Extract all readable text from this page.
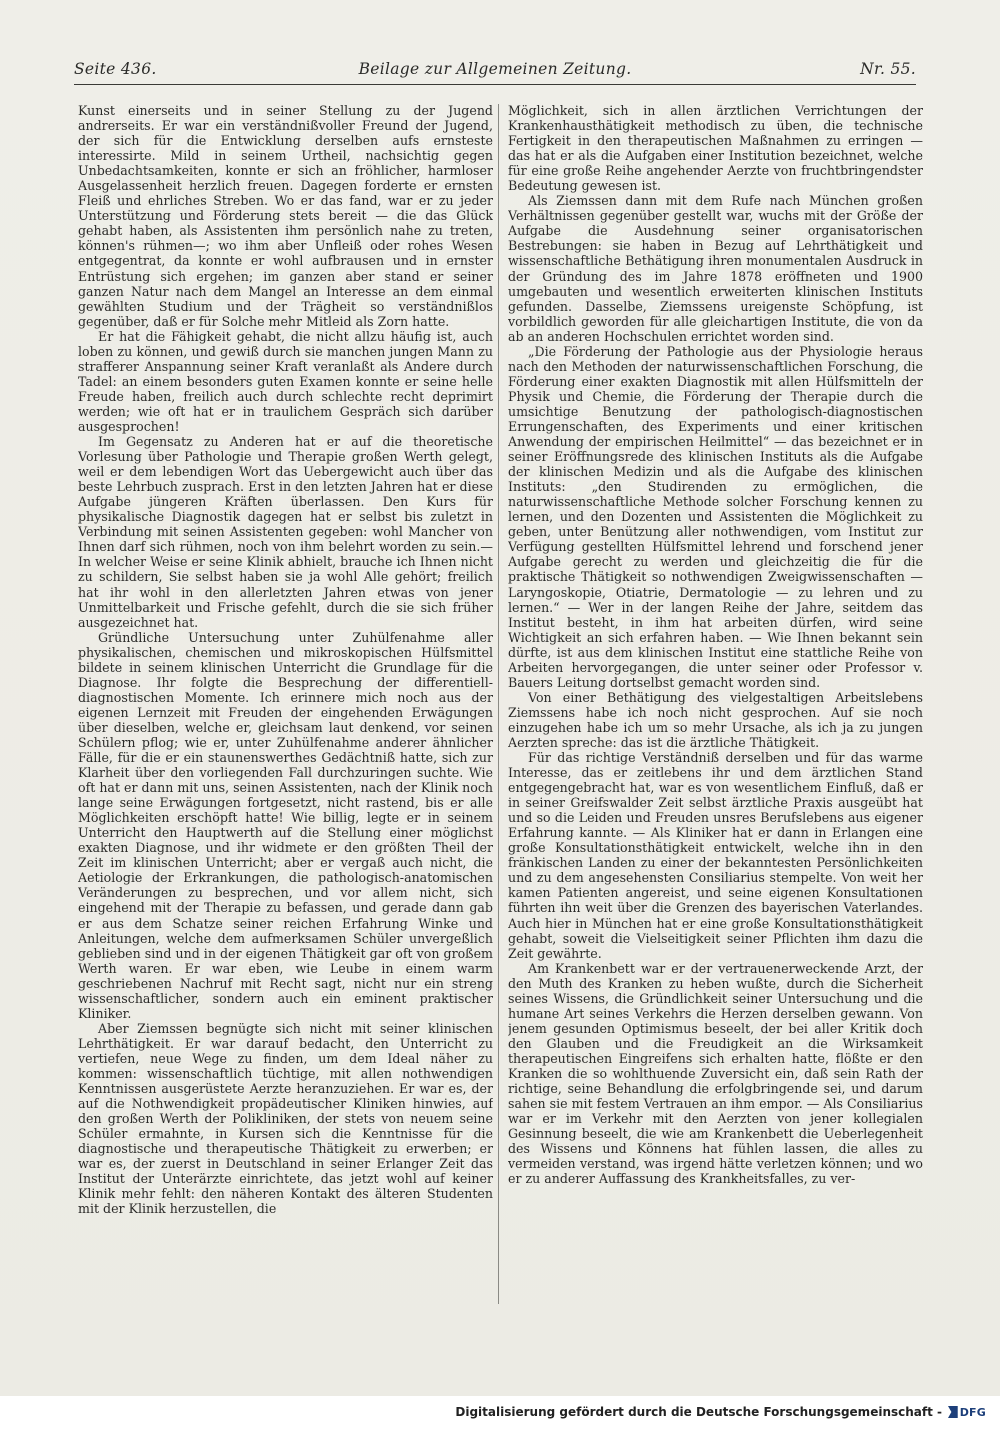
Seite 436.	Beilage zur Allgemeinen Zeitung.	Nr. 55.

Kunst einerseits und in seiner Stellung zu der Jugend andrerseits. Er war ein verständnißvoller Freund der Jugend, der sich für die Entwicklung derselben aufs ernsteste interessirte. Mild in seinem Urtheil, nachsichtig gegen Unbedachtsamkeiten, konnte er sich an fröhlicher, harmloser Ausgelassenheit herzlich freuen. Dagegen forderte er ernsten Fleiß und ehrliches Streben. Wo er das fand, war er zu jeder Unterstützung und Förderung stets bereit — die das Glück gehabt haben, als Assistenten ihm persönlich nahe zu treten, können's rühmen—; wo ihm aber Unfleiß oder rohes Wesen entgegentrat, da konnte er wohl aufbrausen und in ernster Entrüstung sich ergehen; im ganzen aber stand er seiner ganzen Natur nach dem Mangel an Interesse an dem einmal gewählten Studium und der Trägheit so verständnißlos gegenüber, daß er für Solche mehr Mitleid als Zorn hatte.

Er hat die Fähigkeit gehabt, die nicht allzu häufig ist, auch loben zu können, und gewiß durch sie manchen jungen Mann zu strafferer Anspannung seiner Kraft veranlaßt als Andere durch Tadel: an einem besonders guten Examen konnte er seine helle Freude haben, freilich auch durch schlechte recht deprimirt werden; wie oft hat er in traulichem Gespräch sich darüber ausgesprochen!

Im Gegensatz zu Anderen hat er auf die theoretische Vorlesung über Pathologie und Therapie großen Werth gelegt, weil er dem lebendigen Wort das Uebergewicht auch über das beste Lehrbuch zusprach. Erst in den letzten Jahren hat er diese Aufgabe jüngeren Kräften überlassen. Den Kurs für physikalische Diagnostik dagegen hat er selbst bis zuletzt in Verbindung mit seinen Assistenten gegeben: wohl Mancher von Ihnen darf sich rühmen, noch von ihm belehrt worden zu sein.—In welcher Weise er seine Klinik abhielt, brauche ich Ihnen nicht zu schildern, Sie selbst haben sie ja wohl Alle gehört; freilich hat ihr wohl in den allerletzten Jahren etwas von jener Unmittelbarkeit und Frische gefehlt, durch die sie sich früher ausgezeichnet hat.

Gründliche Untersuchung unter Zuhülfenahme aller physikalischen, chemischen und mikroskopischen Hülfsmittel bildete in seinem klinischen Unterricht die Grundlage für die Diagnose. Ihr folgte die Besprechung der differentiell-diagnostischen Momente. Ich erinnere mich noch aus der eigenen Lernzeit mit Freuden der eingehenden Erwägungen über dieselben, welche er, gleichsam laut denkend, vor seinen Schülern pflog; wie er, unter Zuhülfenahme anderer ähnlicher Fälle, für die er ein staunenswerthes Gedächtniß hatte, sich zur Klarheit über den vorliegenden Fall durchzuringen suchte. Wie oft hat er dann mit uns, seinen Assistenten, nach der Klinik noch lange seine Erwägungen fortgesetzt, nicht rastend, bis er alle Möglichkeiten erschöpft hatte! Wie billig, legte er in seinem Unterricht den Hauptwerth auf die Stellung einer möglichst exakten Diagnose, und ihr widmete er den größten Theil der Zeit im klinischen Unterricht; aber er vergaß auch nicht, die Aetiologie der Erkrankungen, die pathologisch-anatomischen Veränderungen zu besprechen, und vor allem nicht, sich eingehend mit der Therapie zu befassen, und gerade dann gab er aus dem Schatze seiner reichen Erfahrung Winke und Anleitungen, welche dem aufmerksamen Schüler unvergeßlich geblieben sind und in der eigenen Thätigkeit gar oft von großem Werth waren. Er war eben, wie Leube in einem warm geschriebenen Nachruf mit Recht sagt, nicht nur ein streng wissenschaftlicher, sondern auch ein eminent praktischer Kliniker.

Aber Ziemssen begnügte sich nicht mit seiner klinischen Lehrthätigkeit. Er war darauf bedacht, den Unterricht zu vertiefen, neue Wege zu finden, um dem Ideal näher zu kommen: wissenschaftlich tüchtige, mit allen nothwendigen Kenntnissen ausgerüstete Aerzte heranzuziehen. Er war es, der auf die Nothwendigkeit propädeutischer Kliniken hinwies, auf den großen Werth der Polikliniken, der stets von neuem seine Schüler ermahnte, in Kursen sich die Kenntnisse für die diagnostische und therapeutische Thätigkeit zu erwerben; er war es, der zuerst in Deutschland in seiner Erlanger Zeit das Institut der Unterärzte einrichtete, das jetzt wohl auf keiner Klinik mehr fehlt: den näheren Kontakt des älteren Studenten mit der Klinik herzustellen, die

Möglichkeit, sich in allen ärztlichen Verrichtungen der Krankenhausthätigkeit methodisch zu üben, die technische Fertigkeit in den therapeutischen Maßnahmen zu erringen — das hat er als die Aufgaben einer Institution bezeichnet, welche für eine große Reihe angehender Aerzte von fruchtbringendster Bedeutung gewesen ist.

Als Ziemssen dann mit dem Rufe nach München großen Verhältnissen gegenüber gestellt war, wuchs mit der Größe der Aufgabe die Ausdehnung seiner organisatorischen Bestrebungen: sie haben in Bezug auf Lehrthätigkeit und wissenschaftliche Bethätigung ihren monumentalen Ausdruck in der Gründung des im Jahre 1878 eröffneten und 1900 umgebauten und wesentlich erweiterten klinischen Instituts gefunden. Dasselbe, Ziemssens ureigenste Schöpfung, ist vorbildlich geworden für alle gleichartigen Institute, die von da ab an anderen Hochschulen errichtet worden sind.

„Die Förderung der Pathologie aus der Physiologie heraus nach den Methoden der naturwissenschaftlichen Forschung, die Förderung einer exakten Diagnostik mit allen Hülfsmitteln der Physik und Chemie, die Förderung der Therapie durch die umsichtige Benutzung der pathologisch-diagnostischen Errungenschaften, des Experiments und einer kritischen Anwendung der empirischen Heilmittel“ — das bezeichnet er in seiner Eröffnungsrede des klinischen Instituts als die Aufgabe der klinischen Medizin und als die Aufgabe des klinischen Instituts: „den Studirenden zu ermöglichen, die naturwissenschaftliche Methode solcher Forschung kennen zu lernen, und den Dozenten und Assistenten die Möglichkeit zu geben, unter Benützung aller nothwendigen, vom Institut zur Verfügung gestellten Hülfsmittel lehrend und forschend jener Aufgabe gerecht zu werden und gleichzeitig die für die praktische Thätigkeit so nothwendigen Zweigwissenschaften — Laryngoskopie, Otiatrie, Dermatologie — zu lehren und zu lernen.“ — Wer in der langen Reihe der Jahre, seitdem das Institut besteht, in ihm hat arbeiten dürfen, wird seine Wichtigkeit an sich erfahren haben. — Wie Ihnen bekannt sein dürfte, ist aus dem klinischen Institut eine stattliche Reihe von Arbeiten hervorgegangen, die unter seiner oder Professor v. Bauers Leitung dortselbst gemacht worden sind.

Von einer Bethätigung des vielgestaltigen Arbeitslebens Ziemssens habe ich noch nicht gesprochen. Auf sie noch einzugehen habe ich um so mehr Ursache, als ich ja zu jungen Aerzten spreche: das ist die ärztliche Thätigkeit.

Für das richtige Verständniß derselben und für das warme Interesse, das er zeitlebens ihr und dem ärztlichen Stand entgegengebracht hat, war es von wesentlichem Einfluß, daß er in seiner Greifswalder Zeit selbst ärztliche Praxis ausgeübt hat und so die Leiden und Freuden unsres Berufslebens aus eigener Erfahrung kannte. — Als Kliniker hat er dann in Erlangen eine große Konsultationsthätigkeit entwickelt, welche ihn in den fränkischen Landen zu einer der bekanntesten Persönlichkeiten und zu dem angesehensten Consiliarius stempelte. Von weit her kamen Patienten angereist, und seine eigenen Konsultationen führten ihn weit über die Grenzen des bayerischen Vaterlandes. Auch hier in München hat er eine große Konsultationsthätigkeit gehabt, soweit die Vielseitigkeit seiner Pflichten ihm dazu die Zeit gewährte.

Am Krankenbett war er der vertrauenerweckende Arzt, der den Muth des Kranken zu heben wußte, durch die Sicherheit seines Wissens, die Gründlichkeit seiner Untersuchung und die humane Art seines Verkehrs die Herzen derselben gewann. Von jenem gesunden Optimismus beseelt, der bei aller Kritik doch den Glauben und die Freudigkeit an die Wirksamkeit therapeutischen Eingreifens sich erhalten hatte, flößte er den Kranken die so wohlthuende Zuversicht ein, daß sein Rath der richtige, seine Behandlung die erfolgbringende sei, und darum sahen sie mit festem Vertrauen an ihm empor. — Als Consiliarius war er im Verkehr mit den Aerzten von jener kollegialen Gesinnung beseelt, die wie am Krankenbett die Ueberlegenheit des Wissens und Könnens hat fühlen lassen, die alles zu vermeiden verstand, was irgend hätte verletzen können; und wo er zu anderer Auffassung des Krankheitsfalles, zu ver-

Digitalisierung gefördert durch die Deutsche Forschungsgemeinschaft - DFG
